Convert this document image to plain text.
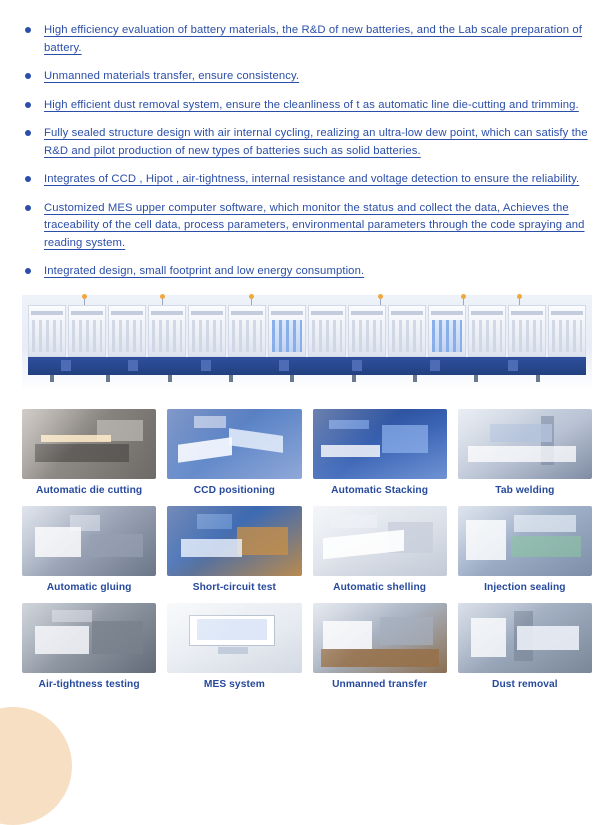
High efficiency evaluation of battery materials, the R&D of new batteries, and the Lab scale preparation of battery.
Unmanned materials transfer, ensure consistency.
High efficient dust removal system, ensure the cleanliness of t as automatic line die-cutting and trimming.
Fully sealed structure design with air internal cycling, realizing an ultra-low dew point, which can satisfy the R&D and pilot production of new types of batteries such as solid batteries.
Integrates of CCD , Hipot , air-tightness, internal resistance and voltage detection to ensure the reliability.
Customized MES upper computer software, which monitor the status and collect the data, Achieves the traceability of the cell data, process parameters, environmental parameters through the code spraying and reading system.
Integrated design, small footprint and low energy consumption.
Automatic die cutting	CCD positioning	Automatic Stacking	Tab welding
Automatic gluing	Short-circuit test	Automatic shelling	Injection sealing
Air-tightness testing	MES system	Unmanned transfer	Dust removal
